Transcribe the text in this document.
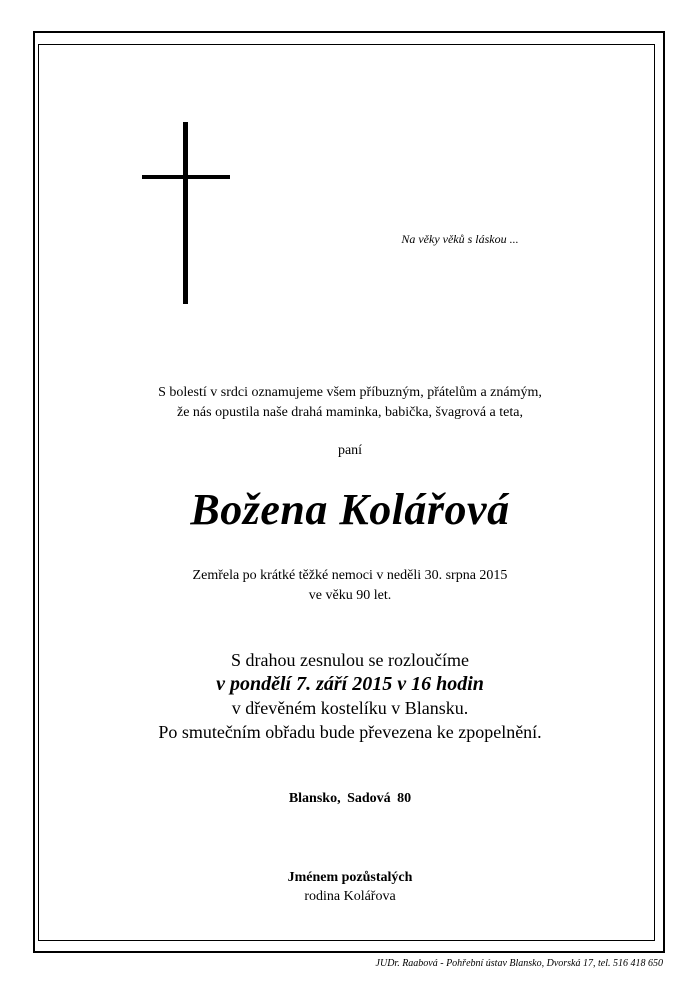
Na věky věků s láskou ...
S bolestí v srdci oznamujeme všem příbuzným, přátelům a známým,
že nás opustila naše drahá maminka, babička, švagrová a teta,
paní
Božena Kolářová
Zemřela po krátké těžké nemoci v neděli 30. srpna 2015
ve věku 90 let.
S drahou zesnulou se rozloučíme
v pondělí 7. září 2015 v 16 hodin
v dřevěném kostelíku v Blansku.
Po smutečním obřadu bude převezena ke zpopelnění.
Blansko, Sadová 80
Jménem pozůstalých
rodina Kolářova
JUDr. Raabová - Pohřební ústav Blansko, Dvorská 17, tel. 516 418 650
